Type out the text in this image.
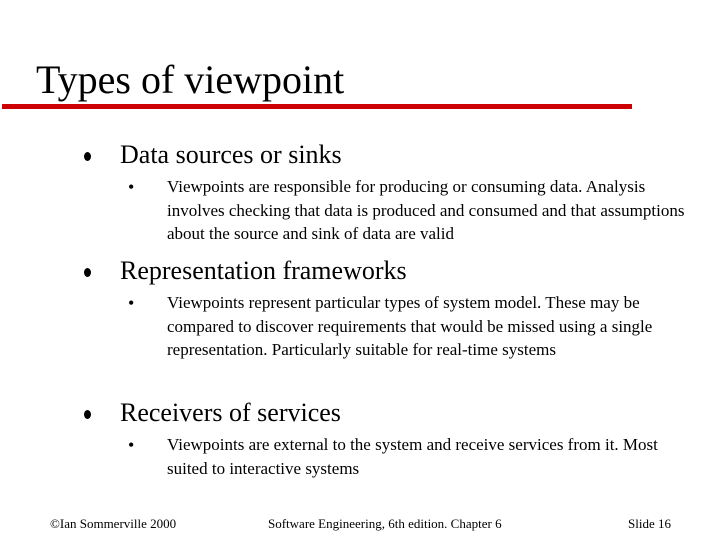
Types of viewpoint
Data sources or sinks
• Viewpoints are responsible for producing or consuming data. Analysis involves checking that data is produced and consumed and that assumptions about the source and sink of data are valid
Representation frameworks
• Viewpoints represent particular types of system model. These may be compared to discover requirements that would be missed using a single representation. Particularly suitable for real-time systems
Receivers of services
• Viewpoints are external to the system and receive services from it. Most suited to interactive systems
©Ian Sommerville 2000	Software Engineering, 6th edition. Chapter 6	Slide 16
